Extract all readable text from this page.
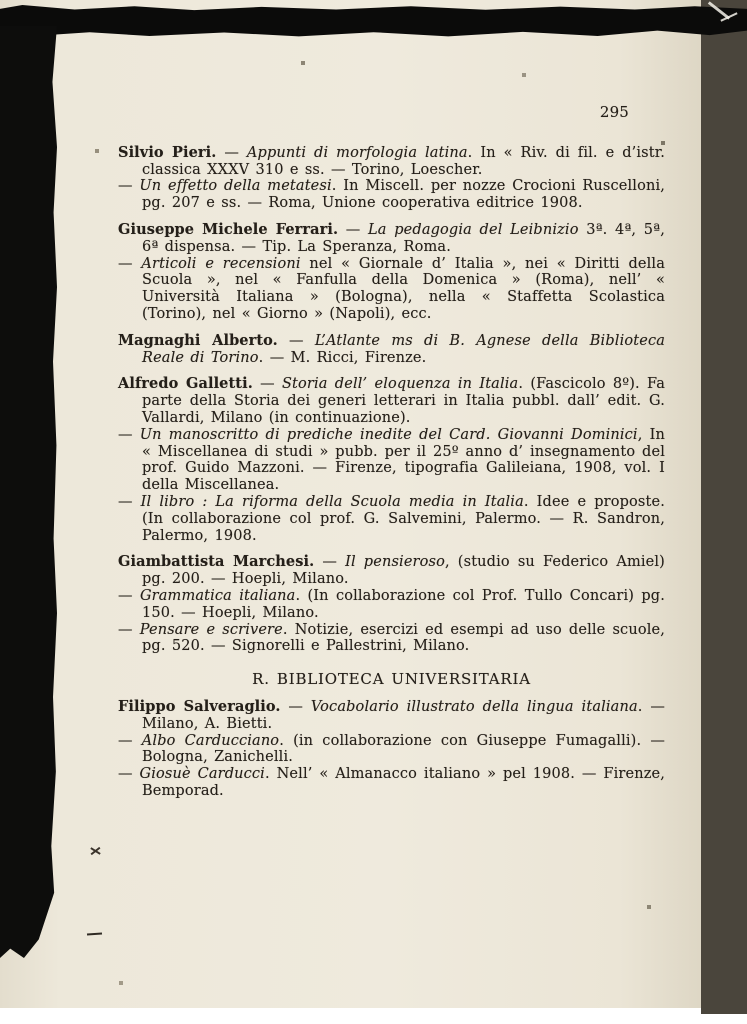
295

Silvio Pieri. — Appunti di morfologia latina. In « Riv. di fil. e d’istr. classica XXXV 310 e ss. — Torino, Loescher.

— Un effetto della metatesi. In Miscell. per nozze Crocioni Ruscelloni, pg. 207 e ss. — Roma, Unione cooperativa editrice 1908.

Giuseppe Michele Ferrari. — La pedagogia del Leibnizio 3ª. 4ª, 5ª, 6ª dispensa. — Tip. La Speranza, Roma.

— Articoli e recensioni nel « Giornale d’ Italia », nei « Diritti della Scuola », nel « Fanfulla della Domenica » (Roma), nell’ « Università Italiana » (Bologna), nella « Staffetta Scolastica (Torino), nel « Giorno » (Napoli), ecc.

Magnaghi Alberto. — L’Atlante ms di B. Agnese della Biblioteca Reale di Torino. — M. Ricci, Firenze.

Alfredo Galletti. — Storia dell’ eloquenza in Italia. (Fascicolo 8º). Fa parte della Storia dei generi letterari in Italia pubbl. dall’ edit. G. Vallardi, Milano (in continuazione).

— Un manoscritto di prediche inedite del Card. Giovanni Dominici, In « Miscellanea di studi » pubb. per il 25º anno d’ insegnamento del prof. Guido Mazzoni. — Firenze, tipografia Galileiana, 1908, vol. I della Miscellanea.

— Il libro : La riforma della Scuola media in Italia. Idee e proposte. (In collaborazione col prof. G. Salvemini, Palermo. — R. Sandron, Palermo, 1908.

Giambattista Marchesi. — Il pensieroso, (studio su Federico Amiel) pg. 200. — Hoepli, Milano.

— Grammatica italiana. (In collaborazione col Prof. Tullo Concari) pg. 150. — Hoepli, Milano.

— Pensare e scrivere. Notizie, esercizi ed esempi ad uso delle scuole, pg. 520. — Signorelli e Pallestrini, Milano.

R. BIBLIOTECA UNIVERSITARIA

Filippo Salveraglio. — Vocabolario illustrato della lingua italiana. — Milano, A. Bietti.

— Albo Carducciano. (in collaborazione con Giuseppe Fumagalli). — Bologna, Zanichelli.

— Giosuè Carducci. Nell’ « Almanacco italiano » pel 1908. — Firenze, Bemporad.
